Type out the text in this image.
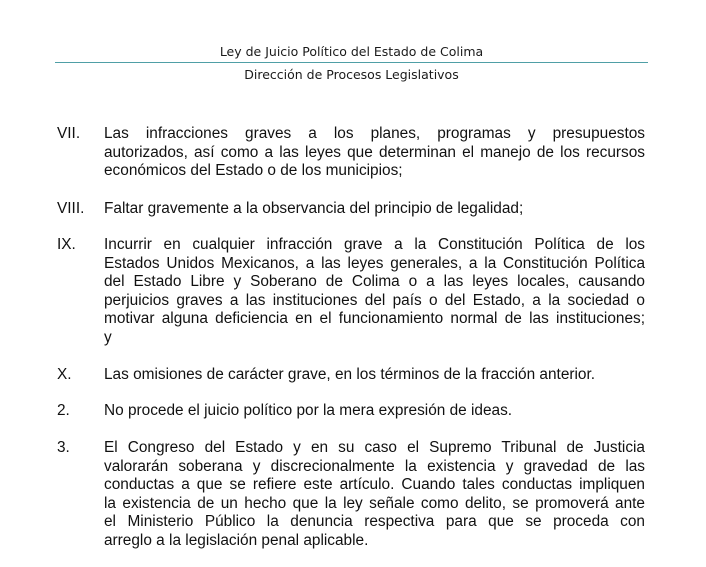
Ley de Juicio Político del Estado de Colima
Dirección de Procesos Legislativos
VII. Las infracciones graves a los planes, programas y presupuestos
autorizados, así como a las leyes que determinan el manejo de los recursos
económicos del Estado o de los municipios;
VIII. Faltar gravemente a la observancia del principio de legalidad;
IX. Incurrir en cualquier infracción grave a la Constitución Política de los
Estados Unidos Mexicanos, a las leyes generales, a la Constitución Política
del Estado Libre y Soberano de Colima o a las leyes locales, causando
perjuicios graves a las instituciones del país o del Estado, a la sociedad o
motivar alguna deficiencia en el funcionamiento normal de las instituciones;
y
X. Las omisiones de carácter grave, en los términos de la fracción anterior.
2. No procede el juicio político por la mera expresión de ideas.
3. El Congreso del Estado y en su caso el Supremo Tribunal de Justicia
valorarán soberana y discrecionalmente la existencia y gravedad de las
conductas a que se refiere este artículo. Cuando tales conductas impliquen
la existencia de un hecho que la ley señale como delito, se promoverá ante
el Ministerio Público la denuncia respectiva para que se proceda con
arreglo a la legislación penal aplicable.
